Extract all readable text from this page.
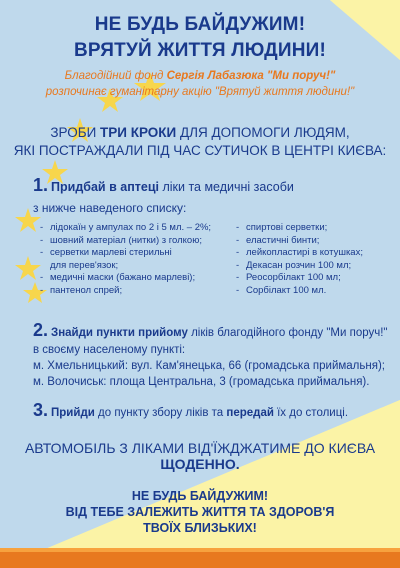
НЕ БУДЬ БАЙДУЖИМ!
ВРЯТУЙ ЖИТТЯ ЛЮДИНИ!
Благодійний фонд Сергія Лабазюка "Ми поруч!"
розпочинає гуманітарну акцію "Врятуй життя людини!"
ЗРОБИ ТРИ КРОКИ ДЛЯ ДОПОМОГИ ЛЮДЯМ,
ЯКІ ПОСТРАЖДАЛИ ПІД ЧАС СУТИЧОК В ЦЕНТРІ КИЄВА:
1. Придбай в аптеці ліки та медичні засоби
з нижче наведеного списку:
- лідокаїн у ампулах по 2 і 5 мл. – 2%;
- шовний матеріал (нитки) з голкою;
- серветки марлеві стерильні
для перев'язок;
- медичні маски (бажано марлеві);
- пантенол спрей;
- спиртові серветки;
- еластичні бинти;
- лейкопластирі в котушках;
- Декасан розчин 100 мл;
- Реосорбілакт 100 мл;
- Сорбілакт 100 мл.
2. Знайди пункти прийому ліків благодійного фонду "Ми поруч!"
в своєму населеному пункті:
м. Хмельницький: вул. Кам'янецька, 66 (громадська приймальня);
м. Волочиськ: площа Центральна, 3 (громадська приймальня).
3. Прийди до пункту збору ліків та передай їх до столиці.
АВТОМОБІЛЬ З ЛІКАМИ ВІД'ЇЖДЖАТИМЕ ДО КИЄВА ЩОДЕННО.
НЕ БУДЬ БАЙДУЖИМ!
ВІД ТЕБЕ ЗАЛЕЖИТЬ ЖИТТЯ ТА ЗДОРОВ'Я
ТВОЇХ БЛИЗЬКИХ!
